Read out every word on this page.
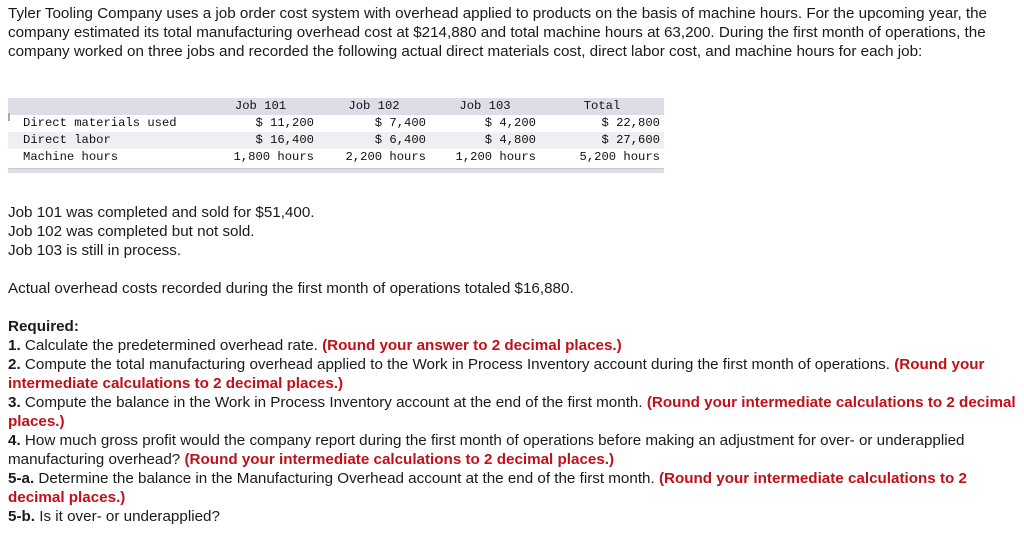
Tyler Tooling Company uses a job order cost system with overhead applied to products on the basis of machine hours. For the upcoming year, the company estimated its total manufacturing overhead cost at $214,880 and total machine hours at 63,200. During the first month of operations, the company worked on three jobs and recorded the following actual direct materials cost, direct labor cost, and machine hours for each job:

	Job 101	Job 102	Job 103	Total
Direct materials used	$ 11,200	$ 7,400	$ 4,200	$ 22,800
Direct labor	$ 16,400	$ 6,400	$ 4,800	$ 27,600
Machine hours	1,800 hours	2,200 hours	1,200 hours	5,200 hours
Job 101 was completed and sold for $51,400.
Job 102 was completed but not sold.
Job 103 is still in process.

Actual overhead costs recorded during the first month of operations totaled $16,880.

Required:
1. Calculate the predetermined overhead rate. (Round your answer to 2 decimal places.)
2. Compute the total manufacturing overhead applied to the Work in Process Inventory account during the first month of operations. (Round your intermediate calculations to 2 decimal places.)
3. Compute the balance in the Work in Process Inventory account at the end of the first month. (Round your intermediate calculations to 2 decimal places.)
4. How much gross profit would the company report during the first month of operations before making an adjustment for over- or underapplied manufacturing overhead? (Round your intermediate calculations to 2 decimal places.)
5-a. Determine the balance in the Manufacturing Overhead account at the end of the first month. (Round your intermediate calculations to 2 decimal places.)
5-b. Is it over- or underapplied?
